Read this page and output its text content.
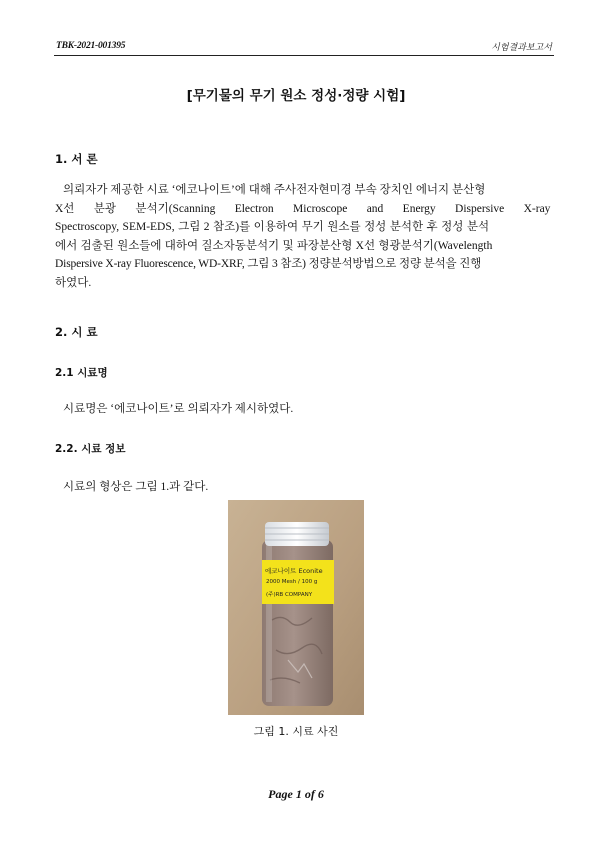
TBK-2021-001395	시험결과보고서
[무기물의 무기 원소 정성·정량 시험]
1. 서 론
의뢰자가 제공한 시료 ‘에코나이트’에 대해 주사전자현미경 부속 장치인 에너지 분산형
X선 분광 분석기(Scanning Electron Microscope and Energy Dispersive X-ray
Spectroscopy, SEM-EDS, 그림 2 참조)를 이용하여 무기 원소를 정성 분석한 후 정성 분석
에서 검출된 원소들에 대하여 질소자동분석기 및 파장분산형 X선 형광분석기(Wavelength
Dispersive X-ray Fluorescence, WD-XRF, 그림 3 참조) 정량분석방법으로 정량 분석을 진행
하였다.
2. 시 료
2.1 시료명
시료명은 ‘에코나이트’로 의뢰자가 제시하였다.
2.2. 시료 정보
시료의 형상은 그림 1.과 같다.
에코나이트 Econite
2000 Mesh / 100 g
(주)RB COMPANY
그림 1. 시료 사진
Page 1 of 6
